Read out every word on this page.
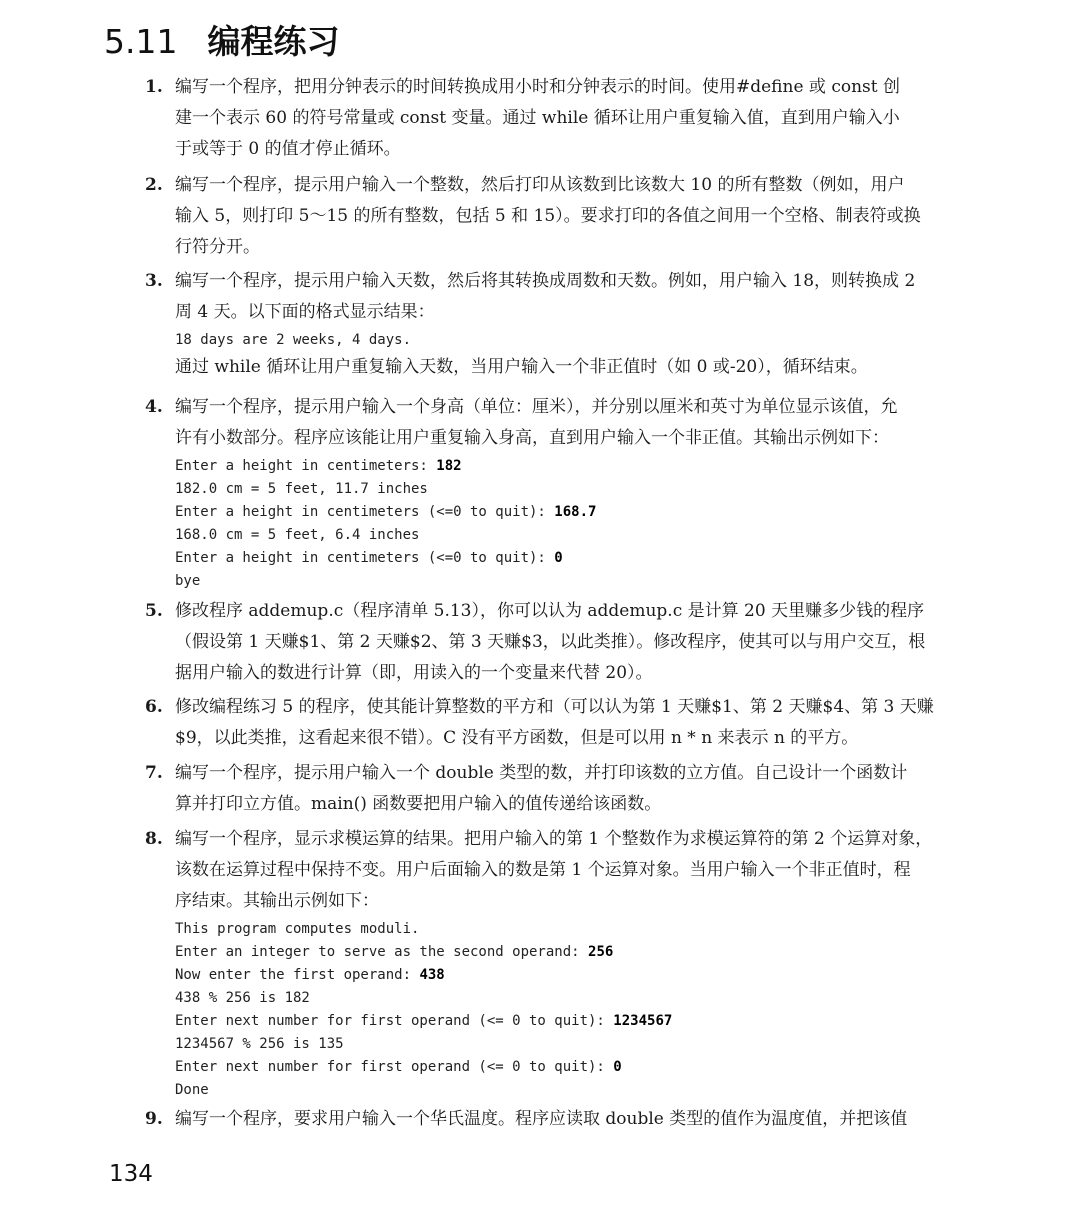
5.11 编程练习
1. 编写一个程序，把用分钟表示的时间转换成用小时和分钟表示的时间。使用#define 或 const 创
建一个表示 60 的符号常量或 const 变量。通过 while 循环让用户重复输入值，直到用户输入小
于或等于 0 的值才停止循环。
2. 编写一个程序，提示用户输入一个整数，然后打印从该数到比该数大 10 的所有整数（例如，用户
输入 5，则打印 5～15 的所有整数，包括 5 和 15）。要求打印的各值之间用一个空格、制表符或换
行符分开。
3. 编写一个程序，提示用户输入天数，然后将其转换成周数和天数。例如，用户输入 18，则转换成 2
周 4 天。以下面的格式显示结果：
18 days are 2 weeks, 4 days.
通过 while 循环让用户重复输入天数，当用户输入一个非正值时（如 0 或-20），循环结束。
4. 编写一个程序，提示用户输入一个身高（单位：厘米），并分别以厘米和英寸为单位显示该值，允
许有小数部分。程序应该能让用户重复输入身高，直到用户输入一个非正值。其输出示例如下：
Enter a height in centimeters: 182
182.0 cm = 5 feet, 11.7 inches
Enter a height in centimeters (<=0 to quit): 168.7
168.0 cm = 5 feet, 6.4 inches
Enter a height in centimeters (<=0 to quit): 0
bye
5. 修改程序 addemup.c（程序清单 5.13），你可以认为 addemup.c 是计算 20 天里赚多少钱的程序
（假设第 1 天赚$1、第 2 天赚$2、第 3 天赚$3，以此类推）。修改程序，使其可以与用户交互，根
据用户输入的数进行计算（即，用读入的一个变量来代替 20）。
6. 修改编程练习 5 的程序，使其能计算整数的平方和（可以认为第 1 天赚$1、第 2 天赚$4、第 3 天赚
$9，以此类推，这看起来很不错）。C 没有平方函数，但是可以用 n * n 来表示 n 的平方。
7. 编写一个程序，提示用户输入一个 double 类型的数，并打印该数的立方值。自己设计一个函数计
算并打印立方值。main() 函数要把用户输入的值传递给该函数。
8. 编写一个程序，显示求模运算的结果。把用户输入的第 1 个整数作为求模运算符的第 2 个运算对象，
该数在运算过程中保持不变。用户后面输入的数是第 1 个运算对象。当用户输入一个非正值时，程
序结束。其输出示例如下：
This program computes moduli.
Enter an integer to serve as the second operand: 256
Now enter the first operand: 438
438 % 256 is 182
Enter next number for first operand (<= 0 to quit): 1234567
1234567 % 256 is 135
Enter next number for first operand (<= 0 to quit): 0
Done
9. 编写一个程序，要求用户输入一个华氏温度。程序应读取 double 类型的值作为温度值，并把该值
134
